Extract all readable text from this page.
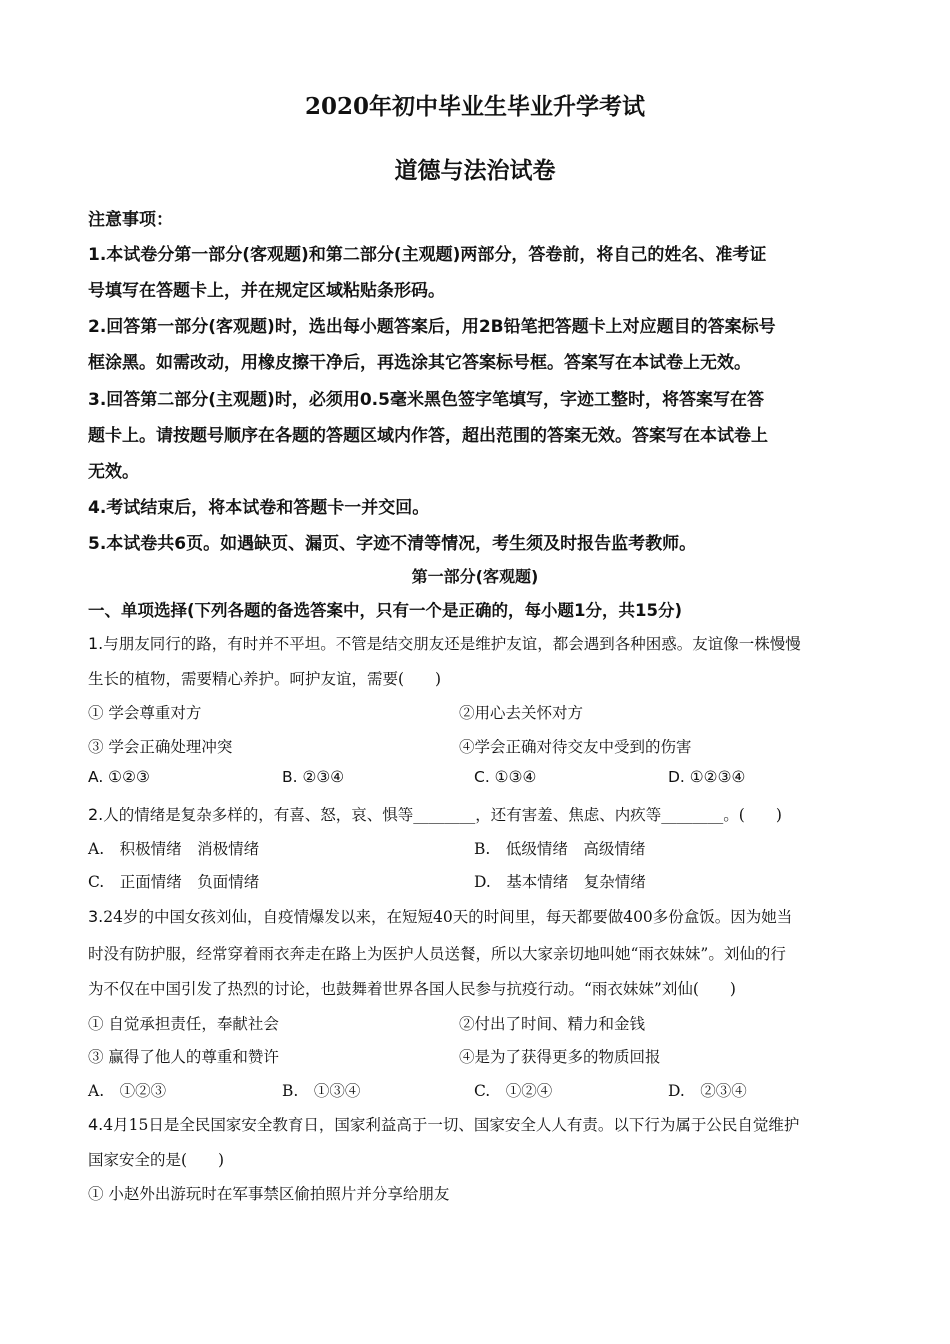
2020年初中毕业生毕业升学考试
道德与法治试卷
注意事项：
1.本试卷分第一部分(客观题)和第二部分(主观题)两部分，答卷前，将自己的姓名、准考证
号填写在答题卡上，并在规定区域粘贴条形码。
2.回答第一部分(客观题)时，选出每小题答案后，用2B铅笔把答题卡上对应题目的答案标号
框涂黑。如需改动，用橡皮擦干净后，再选涂其它答案标号框。答案写在本试卷上无效。
3.回答第二部分(主观题)时，必须用0.5毫米黑色签字笔填写，字迹工整时，将答案写在答
题卡上。请按题号顺序在各题的答题区域内作答，超出范围的答案无效。答案写在本试卷上
无效。
4.考试结束后，将本试卷和答题卡一并交回。
5.本试卷共6页。如遇缺页、漏页、字迹不清等情况，考生须及时报告监考教师。
第一部分(客观题)
一、单项选择(下列各题的备选答案中，只有一个是正确的，每小题1分，共15分)
1.与朋友同行的路，有时并不平坦。不管是结交朋友还是维护友谊，都会遇到各种困惑。友谊像一株慢慢
生长的植物，需要精心养护。呵护友谊，需要(　　)
① 学会尊重对方	②用心去关怀对方
③ 学会正确处理冲突	④学会正确对待交友中受到的伤害
A. ①②③	B. ②③④	C. ①③④	D. ①②③④
2.人的情绪是复杂多样的，有喜、怒，哀、惧等________，还有害羞、焦虑、内疚等________。(　　)
A.　积极情绪　消极情绪	B.　低级情绪　高级情绪
C.　正面情绪　负面情绪	D.　基本情绪　复杂情绪
3.24岁的中国女孩刘仙，自疫情爆发以来，在短短40天的时间里，每天都要做400多份盒饭。因为她当
时没有防护服，经常穿着雨衣奔走在路上为医护人员送餐，所以大家亲切地叫她“雨衣妹妹”。刘仙的行
为不仅在中国引发了热烈的讨论，也鼓舞着世界各国人民参与抗疫行动。“雨衣妹妹”刘仙(　　)
① 自觉承担责任，奉献社会	②付出了时间、精力和金钱
③ 赢得了他人的尊重和赞许	④是为了获得更多的物质回报
A.　①②③	B.　①③④	C.　①②④	D.　②③④
4.4月15日是全民国家安全教育日，国家利益高于一切、国家安全人人有责。以下行为属于公民自觉维护
国家安全的是(　　)
① 小赵外出游玩时在军事禁区偷拍照片并分享给朋友
